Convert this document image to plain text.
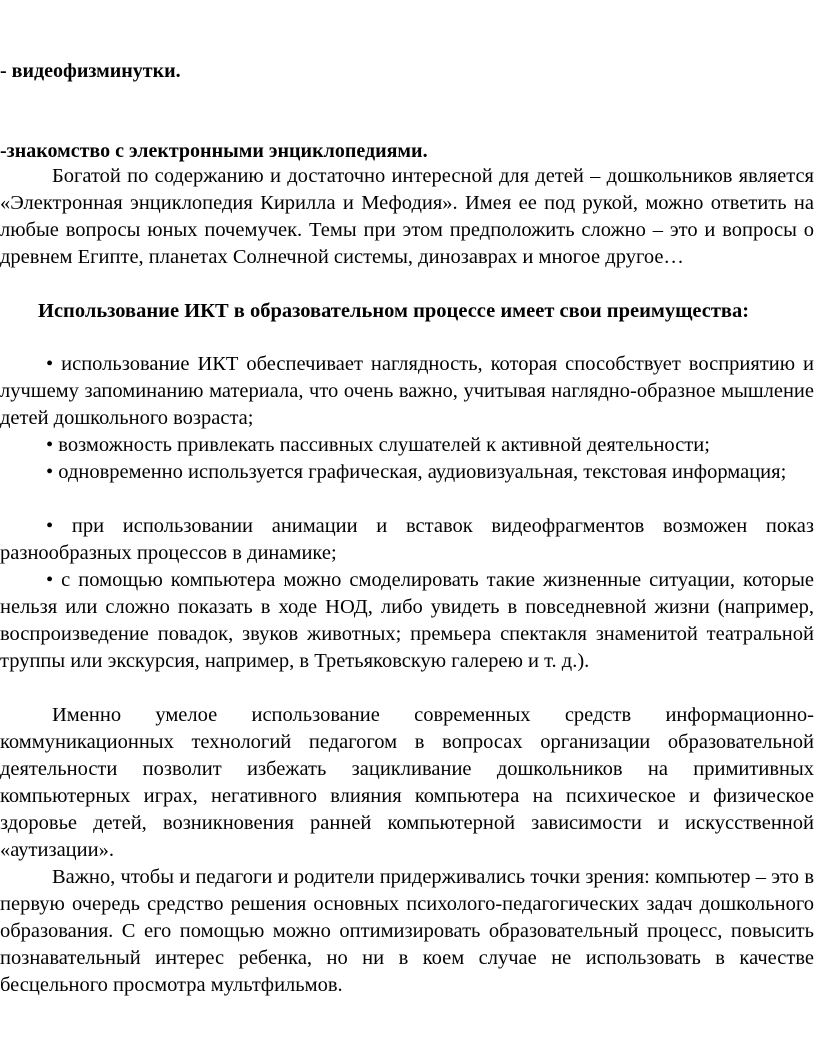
- видеофизминутки.
-знакомство с электронными энциклопедиями.

Богатой по содержанию и достаточно интересной для детей – дошкольников является «Электронная энциклопедия Кирилла и Мефодия». Имея ее под рукой, можно ответить на любые вопросы юных почемучек. Темы при этом предположить сложно – это и вопросы о древнем Египте, планетах Солнечной системы, динозаврах и многое другое…

Использование ИКТ в образовательном процессе имеет свои преимущества:

• использование ИКТ обеспечивает наглядность, которая способствует восприятию и лучшему запоминанию материала, что очень важно, учитывая наглядно-образное мышление детей дошкольного возраста;

• возможность привлекать пассивных слушателей к активной деятельности;

• одновременно используется графическая, аудиовизуальная, текстовая информация;

• при использовании анимации и вставок видеофрагментов возможен показ разнообразных процессов в динамике;

• с помощью компьютера можно смоделировать такие жизненные ситуации, которые нельзя или сложно показать в ходе НОД, либо увидеть в повседневной жизни (например, воспроизведение повадок, звуков животных; премьера спектакля знаменитой театральной труппы или экскурсия, например, в Третьяковскую галерею и т. д.).

Именно умелое использование современных средств информационно-коммуникационных технологий педагогом в вопросах организации образовательной деятельности позволит избежать зацикливание дошкольников на примитивных компьютерных играх, негативного влияния компьютера на психическое и физическое здоровье детей, возникновения ранней компьютерной зависимости и искусственной «аутизации».

Важно, чтобы и педагоги и родители придерживались точки зрения: компьютер – это в первую очередь средство решения основных психолого-педагогических задач дошкольного образования. С его помощью можно оптимизировать образовательный процесс, повысить познавательный интерес ребенка, но ни в коем случае не использовать в качестве бесцельного просмотра мультфильмов.
